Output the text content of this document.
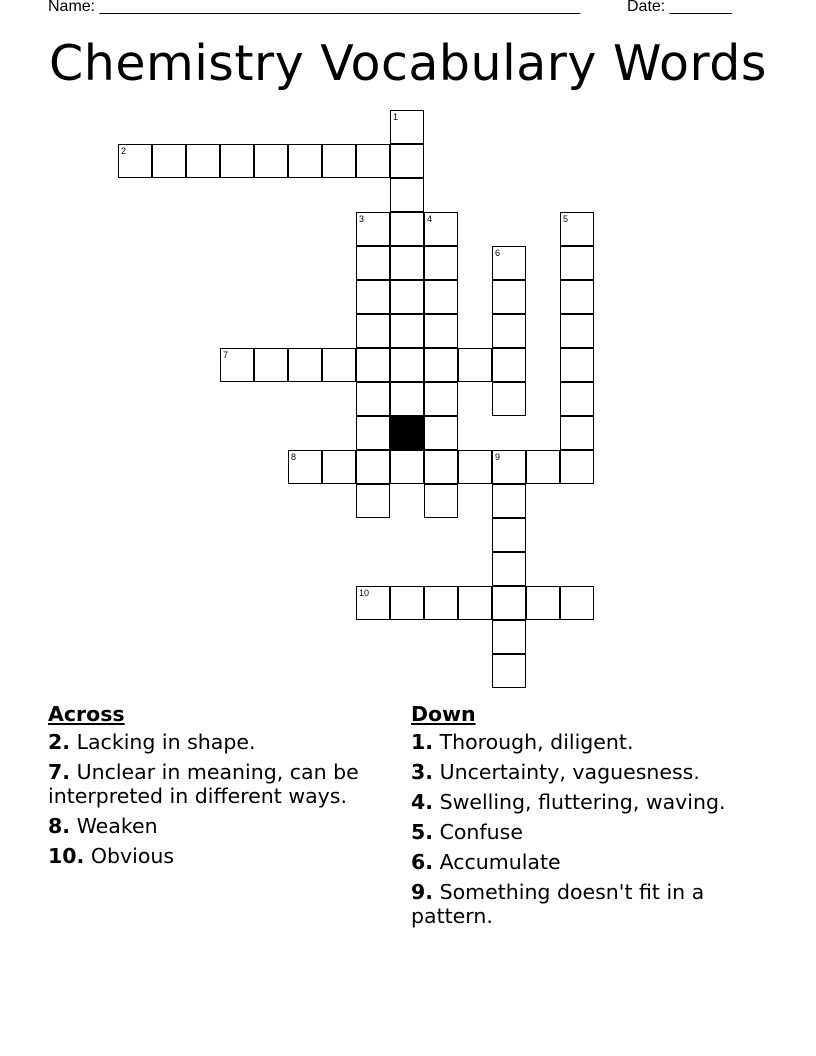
Name: ______________________________________________________	Date: _______
Chemistry Vocabulary Words
1
2
3	4	5
6
7
8	9
10
Across
2. Lacking in shape.
7. Unclear in meaning, can be interpreted in different ways.
8. Weaken
10. Obvious
Down
1. Thorough, diligent.
3. Uncertainty, vaguesness.
4. Swelling, fluttering, waving.
5. Confuse
6. Accumulate
9. Something doesn't fit in a pattern.
